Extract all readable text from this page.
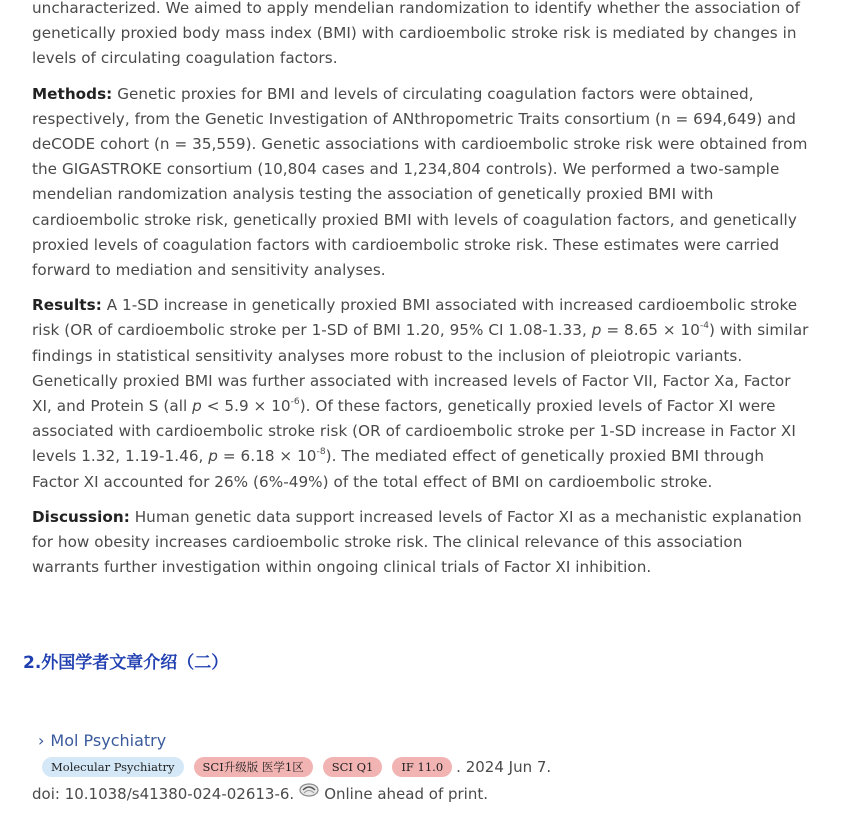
uncharacterized. We aimed to apply mendelian randomization to identify whether the association of genetically proxied body mass index (BMI) with cardioembolic stroke risk is mediated by changes in levels of circulating coagulation factors.

Methods: Genetic proxies for BMI and levels of circulating coagulation factors were obtained, respectively, from the Genetic Investigation of ANthropometric Traits consortium (n = 694,649) and deCODE cohort (n = 35,559). Genetic associations with cardioembolic stroke risk were obtained from the GIGASTROKE consortium (10,804 cases and 1,234,804 controls). We performed a two-sample mendelian randomization analysis testing the association of genetically proxied BMI with cardioembolic stroke risk, genetically proxied BMI with levels of coagulation factors, and genetically proxied levels of coagulation factors with cardioembolic stroke risk. These estimates were carried forward to mediation and sensitivity analyses.

Results: A 1-SD increase in genetically proxied BMI associated with increased cardioembolic stroke risk (OR of cardioembolic stroke per 1-SD of BMI 1.20, 95% CI 1.08-1.33, $p = 8.65 \times 10^{-4}$) with similar findings in statistical sensitivity analyses more robust to the inclusion of pleiotropic variants. Genetically proxied BMI was further associated with increased levels of Factor VII, Factor Xa, Factor XI, and Protein S (all $p < 5.9 \times 10^{-6}$). Of these factors, genetically proxied levels of Factor XI were associated with cardioembolic stroke risk (OR of cardioembolic stroke per 1-SD increase in Factor XI levels 1.32, 1.19-1.46, $p = 6.18 \times 10^{-8}$). The mediated effect of genetically proxied BMI through Factor XI accounted for 26% (6%-49%) of the total effect of BMI on cardioembolic stroke.

Discussion: Human genetic data support increased levels of Factor XI as a mechanistic explanation for how obesity increases cardioembolic stroke risk. The clinical relevance of this association warrants further investigation within ongoing clinical trials of Factor XI inhibition.

2.外国学者文章介绍（二）
› Mol Psychiatry
Molecular Psychiatry	SCI升级版 医学1区	SCI Q1	IF 11.0 . 2024 Jun 7.
doi: 10.1038/s41380-024-02613-6. Online ahead of print.
